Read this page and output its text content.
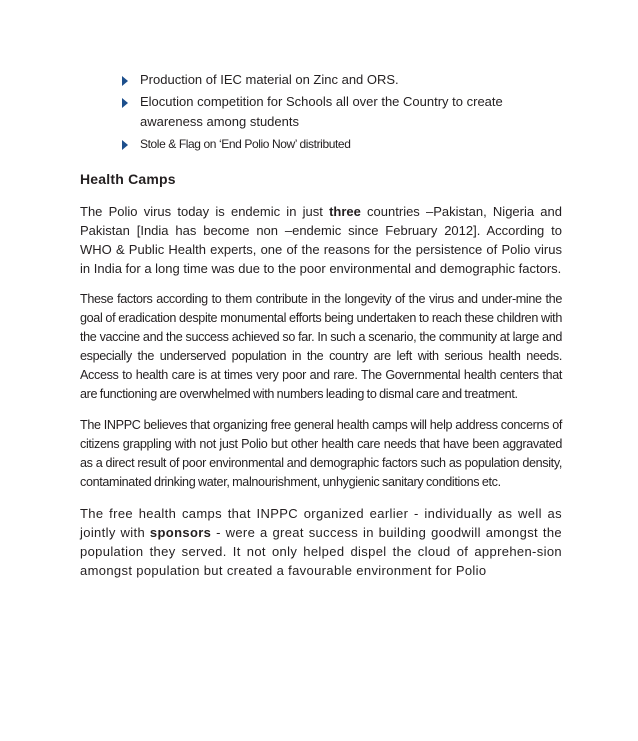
Production of IEC material on Zinc and ORS.
Elocution competition for Schools all over the Country to create awareness among students
Stole & Flag on ‘End Polio Now’ distributed
Health Camps

The Polio virus today is endemic in just three countries –Pakistan, Nigeria and Pakistan [India has become non –endemic since February 2012]. According to WHO & Public Health experts, one of the reasons for the persistence of Polio virus in India for a long time was due to the poor environmental and demographic factors.

These factors according to them contribute in the longevity of the virus and under-mine the goal of eradication despite monumental efforts being undertaken to reach these children with the vaccine and the success achieved so far. In such a scenario, the community at large and especially the underserved population in the country are left with serious health needs. Access to health care is at times very poor and rare. The Governmental health centers that are functioning are overwhelmed with numbers leading to dismal care and treatment.

The INPPC believes that organizing free general health camps will help address concerns of citizens grappling with not just Polio but other health care needs that have been aggravated as a direct result of poor environmental and demographic factors such as population density, contaminated drinking water, malnourishment, unhygienic sanitary conditions etc.

The free health camps that INPPC organized earlier - individually as well as jointly with sponsors - were a great success in building goodwill amongst the population they served. It not only helped dispel the cloud of apprehen-sion amongst population but created a favourable environment for Polio
